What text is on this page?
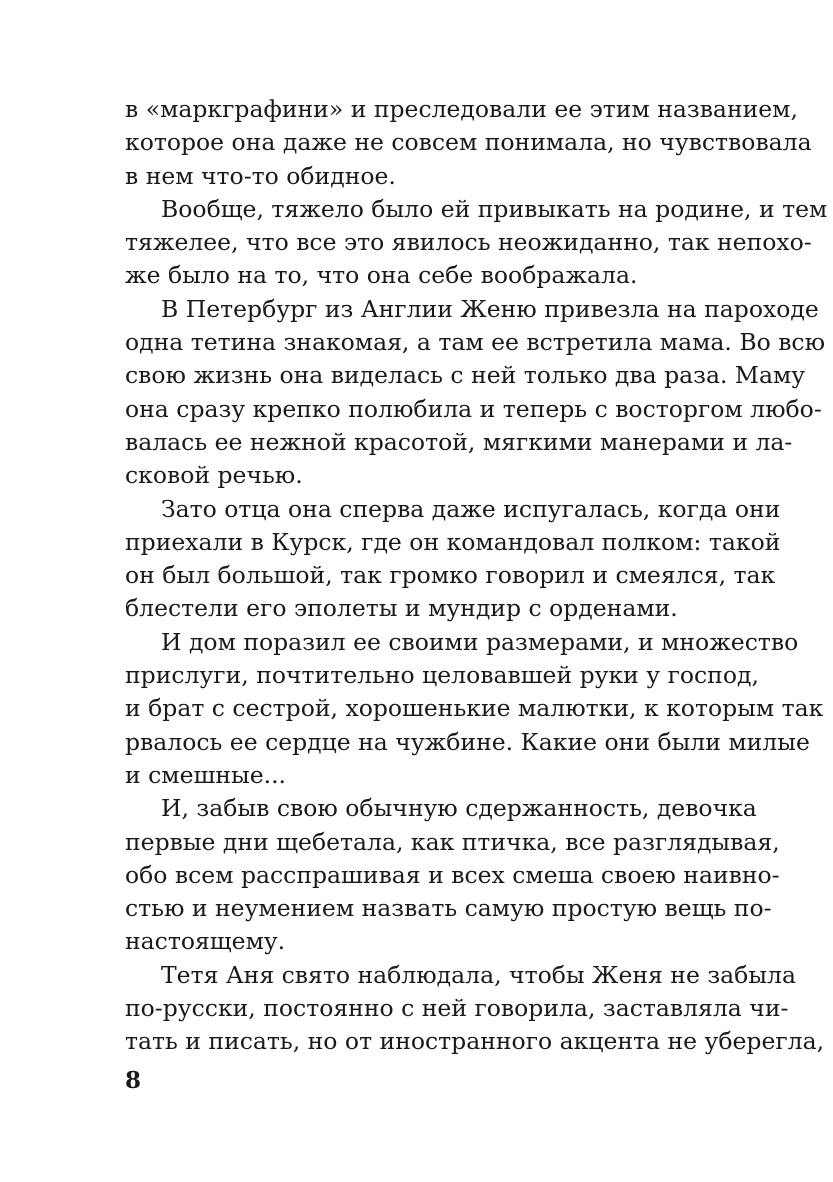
в «маркграфини» и преследовали ее этим названием,
которое она даже не совсем понимала, но чувствовала
в нем что-то обидное.
Вообще, тяжело было ей привыкать на родине, и тем
тяжелее, что все это явилось неожиданно, так непохо-
же было на то, что она себе воображала.
В Петербург из Англии Женю привезла на пароходе
одна тетина знакомая, а там ее встретила мама. Во всю
свою жизнь она виделась с ней только два раза. Маму
она сразу крепко полюбила и теперь с восторгом любо-
валась ее нежной красотой, мягкими манерами и ла-
сковой речью.
Зато отца она сперва даже испугалась, когда они
приехали в Курск, где он командовал полком: такой
он был большой, так громко говорил и смеялся, так
блестели его эполеты и мундир с орденами.
И дом поразил ее своими размерами, и множество
прислуги, почтительно целовавшей руки у господ,
и брат с сестрой, хорошенькие малютки, к которым так
рвалось ее сердце на чужбине. Какие они были милые
и смешные...
И, забыв свою обычную сдержанность, девочка
первые дни щебетала, как птичка, все разглядывая,
обо всем расспрашивая и всех смеша своею наивно-
стью и неумением назвать самую простую вещь по-
настоящему.
Тетя Аня свято наблюдала, чтобы Женя не забыла
по-русски, постоянно с ней говорила, заставляла чи-
тать и писать, но от иностранного акцента не уберегла,
8
